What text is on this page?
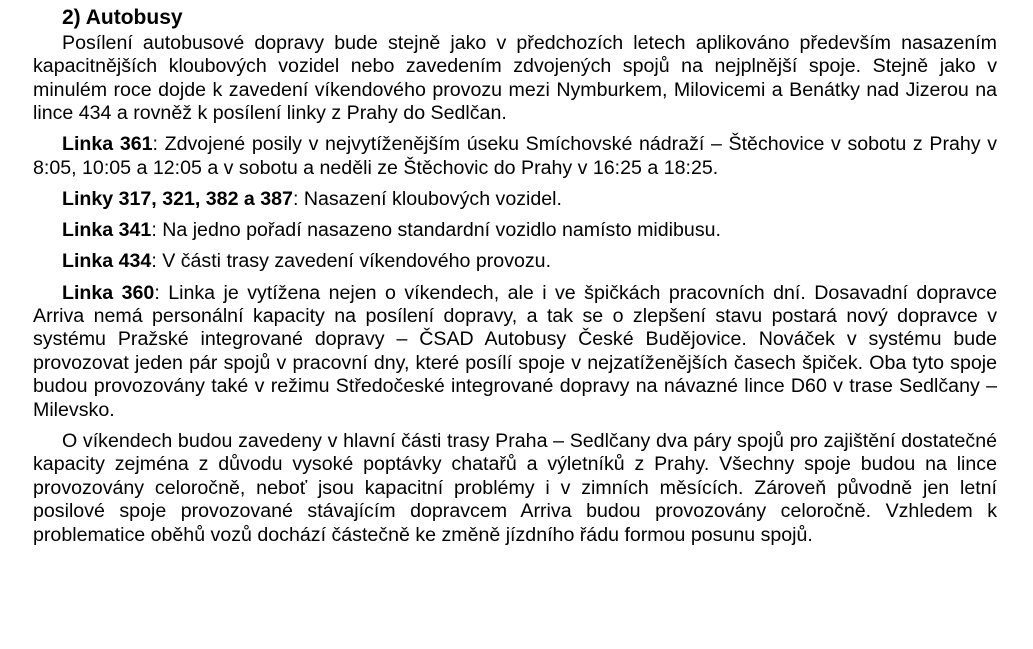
2) Autobusy

Posílení autobusové dopravy bude stejně jako v předchozích letech aplikováno především nasazením kapacitnějších kloubových vozidel nebo zavedením zdvojených spojů na nejplnější spoje. Stejně jako v minulém roce dojde k zavedení víkendového provozu mezi Nymburkem, Milovicemi a Benátky nad Jizerou na lince 434 a rovněž k posílení linky z Prahy do Sedlčan.

Linka 361: Zdvojené posily v nejvytíženějším úseku Smíchovské nádraží – Štěchovice v sobotu z Prahy v 8:05, 10:05 a 12:05 a v sobotu a neděli ze Štěchovic do Prahy v 16:25 a 18:25.

Linky 317, 321, 382 a 387: Nasazení kloubových vozidel.

Linka 341: Na jedno pořadí nasazeno standardní vozidlo namísto midibusu.

Linka 434: V části trasy zavedení víkendového provozu.

Linka 360: Linka je vytížena nejen o víkendech, ale i ve špičkách pracovních dní. Dosavadní dopravce Arriva nemá personální kapacity na posílení dopravy, a tak se o zlepšení stavu postará nový dopravce v systému Pražské integrované dopravy – ČSAD Autobusy České Budějovice. Nováček v systému bude provozovat jeden pár spojů v pracovní dny, které posílí spoje v nejzatíženějších časech špiček. Oba tyto spoje budou provozovány také v režimu Středočeské integrované dopravy na návazné lince D60 v trase Sedlčany – Milevsko.

O víkendech budou zavedeny v hlavní části trasy Praha – Sedlčany dva páry spojů pro zajištění dostatečné kapacity zejména z důvodu vysoké poptávky chatařů a výletníků z Prahy. Všechny spoje budou na lince provozovány celoročně, neboť jsou kapacitní problémy i v zimních měsících. Zároveň původně jen letní posilové spoje provozované stávajícím dopravcem Arriva budou provozovány celoročně. Vzhledem k problematice oběhů vozů dochází částečně ke změně jízdního řádu formou posunu spojů.
